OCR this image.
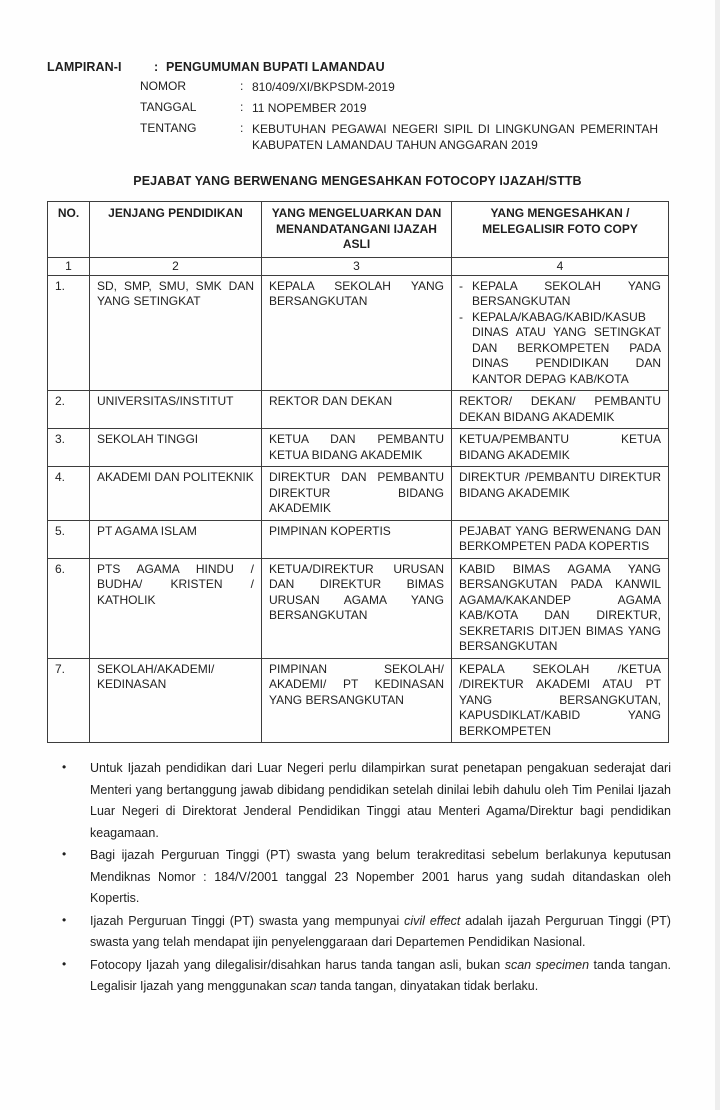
LAMPIRAN-I	: PENGUMUMAN BUPATI LAMANDAU
NOMOR	: 810/409/XI/BKPSDM-2019
TANGGAL	: 11 NOPEMBER 2019
TENTANG	: KEBUTUHAN PEGAWAI NEGERI SIPIL DI LINGKUNGAN PEMERINTAH KABUPATEN LAMANDAU TAHUN ANGGARAN 2019
PEJABAT YANG BERWENANG MENGESAHKAN FOTOCOPY IJAZAH/STTB
NO.	JENJANG PENDIDIKAN	YANG MENGELUARKAN DAN MENANDATANGANI IJAZAH ASLI	YANG MENGESAHKAN / MELEGALISIR FOTO COPY
1	2	3	4
1.	SD, SMP, SMU, SMK DAN YANG SETINGKAT	KEPALA SEKOLAH YANG BERSANGKUTAN	- KEPALA SEKOLAH YANG BERSANGKUTAN
- KEPALA/KABAG/KABID/KASUB DINAS ATAU YANG SETINGKAT DAN BERKOMPETEN PADA DINAS PENDIDIKAN DAN KANTOR DEPAG KAB/KOTA

2.	UNIVERSITAS/INSTITUT	REKTOR DAN DEKAN	REKTOR/ DEKAN/ PEMBANTU DEKAN BIDANG AKADEMIK
3.	SEKOLAH TINGGI	KETUA DAN PEMBANTU KETUA BIDANG AKADEMIK	KETUA/PEMBANTU KETUA BIDANG AKADEMIK
4.	AKADEMI DAN POLITEKNIK	DIREKTUR DAN PEMBANTU DIREKTUR BIDANG AKADEMIK	DIREKTUR /PEMBANTU DIREKTUR BIDANG AKADEMIK
5.	PT AGAMA ISLAM	PIMPINAN KOPERTIS	PEJABAT YANG BERWENANG DAN BERKOMPETEN PADA KOPERTIS
6.	PTS AGAMA HINDU / BUDHA/ KRISTEN / KATHOLIK	KETUA/DIREKTUR URUSAN DAN DIREKTUR BIMAS URUSAN AGAMA YANG BERSANGKUTAN	KABID BIMAS AGAMA YANG BERSANGKUTAN PADA KANWIL AGAMA/KAKANDEP AGAMA KAB/KOTA DAN DIREKTUR, SEKRETARIS DITJEN BIMAS YANG BERSANGKUTAN
7.	SEKOLAH/AKADEMI/ KEDINASAN	PIMPINAN SEKOLAH/ AKADEMI/ PT KEDINASAN YANG BERSANGKUTAN	KEPALA SEKOLAH /KETUA /DIREKTUR AKADEMI ATAU PT YANG BERSANGKUTAN, KAPUSDIKLAT/KABID YANG BERKOMPETEN
• Untuk Ijazah pendidikan dari Luar Negeri perlu dilampirkan surat penetapan pengakuan sederajat dari Menteri yang bertanggung jawab dibidang pendidikan setelah dinilai lebih dahulu oleh Tim Penilai Ijazah Luar Negeri di Direktorat Jenderal Pendidikan Tinggi atau Menteri Agama/Direktur bagi pendidikan keagamaan.
• Bagi ijazah Perguruan Tinggi (PT) swasta yang belum terakreditasi sebelum berlakunya keputusan Mendiknas Nomor : 184/V/2001 tanggal 23 Nopember 2001 harus yang sudah ditandaskan oleh Kopertis.
• Ijazah Perguruan Tinggi (PT) swasta yang mempunyai civil effect adalah ijazah Perguruan Tinggi (PT) swasta yang telah mendapat ijin penyelenggaraan dari Departemen Pendidikan Nasional.
• Fotocopy Ijazah yang dilegalisir/disahkan harus tanda tangan asli, bukan scan specimen tanda tangan. Legalisir Ijazah yang menggunakan scan tanda tangan, dinyatakan tidak berlaku.
